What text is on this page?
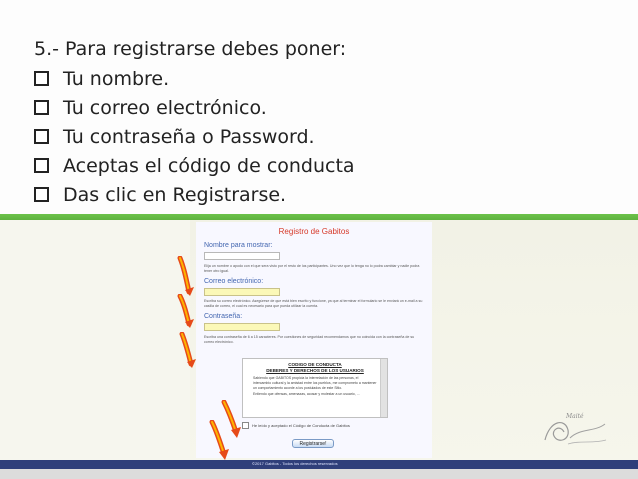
5.- Para registrarse debes poner:
Tu nombre.
Tu correo electrónico.
Tu contraseña o Password.
Aceptas el código de conducta
Das clic en Registrarse.
Registro de Gabitos
Nombre para mostrar:
Elija un nombre o apodo con el que sera visto por el resto de los participantes. Uno vez que lo tenga no lo podra cambiar y nadie podra tener otro igual.
Correo electrónico:
Escriba su correo electrónico. Asegúrese de que está bien escrito y funcione, ya que al terminar el formulario se le enviará un e-mail a su casilla de correo, el cual es necesario para que pueda utilizar la cuenta.
Contraseña:
Escriba una contraseña de 6 a 15 caracteres. Por cuestiones de seguridad recomendamos que no coincida con la contraseña de su correo electrónico.
CODIGO DE CONDUCTA
DEBERES Y DERECHOS DE LOS USUARIOS
Sabiendo que GABITOS propicia la interrelación de las personas, el intercambio cultural y la amistad entre los pueblos, me comprometo a mantener un comportamiento acorde a los postulados de este Sitio.
Entiendo que ofensas, amenazas, acosar y molestar a un usuario, ...
He leído y aceptado el Código de Conducta de Gabitos
Registrarse!
Maité
©2017 Gabitos - Todos los derechos reservados
